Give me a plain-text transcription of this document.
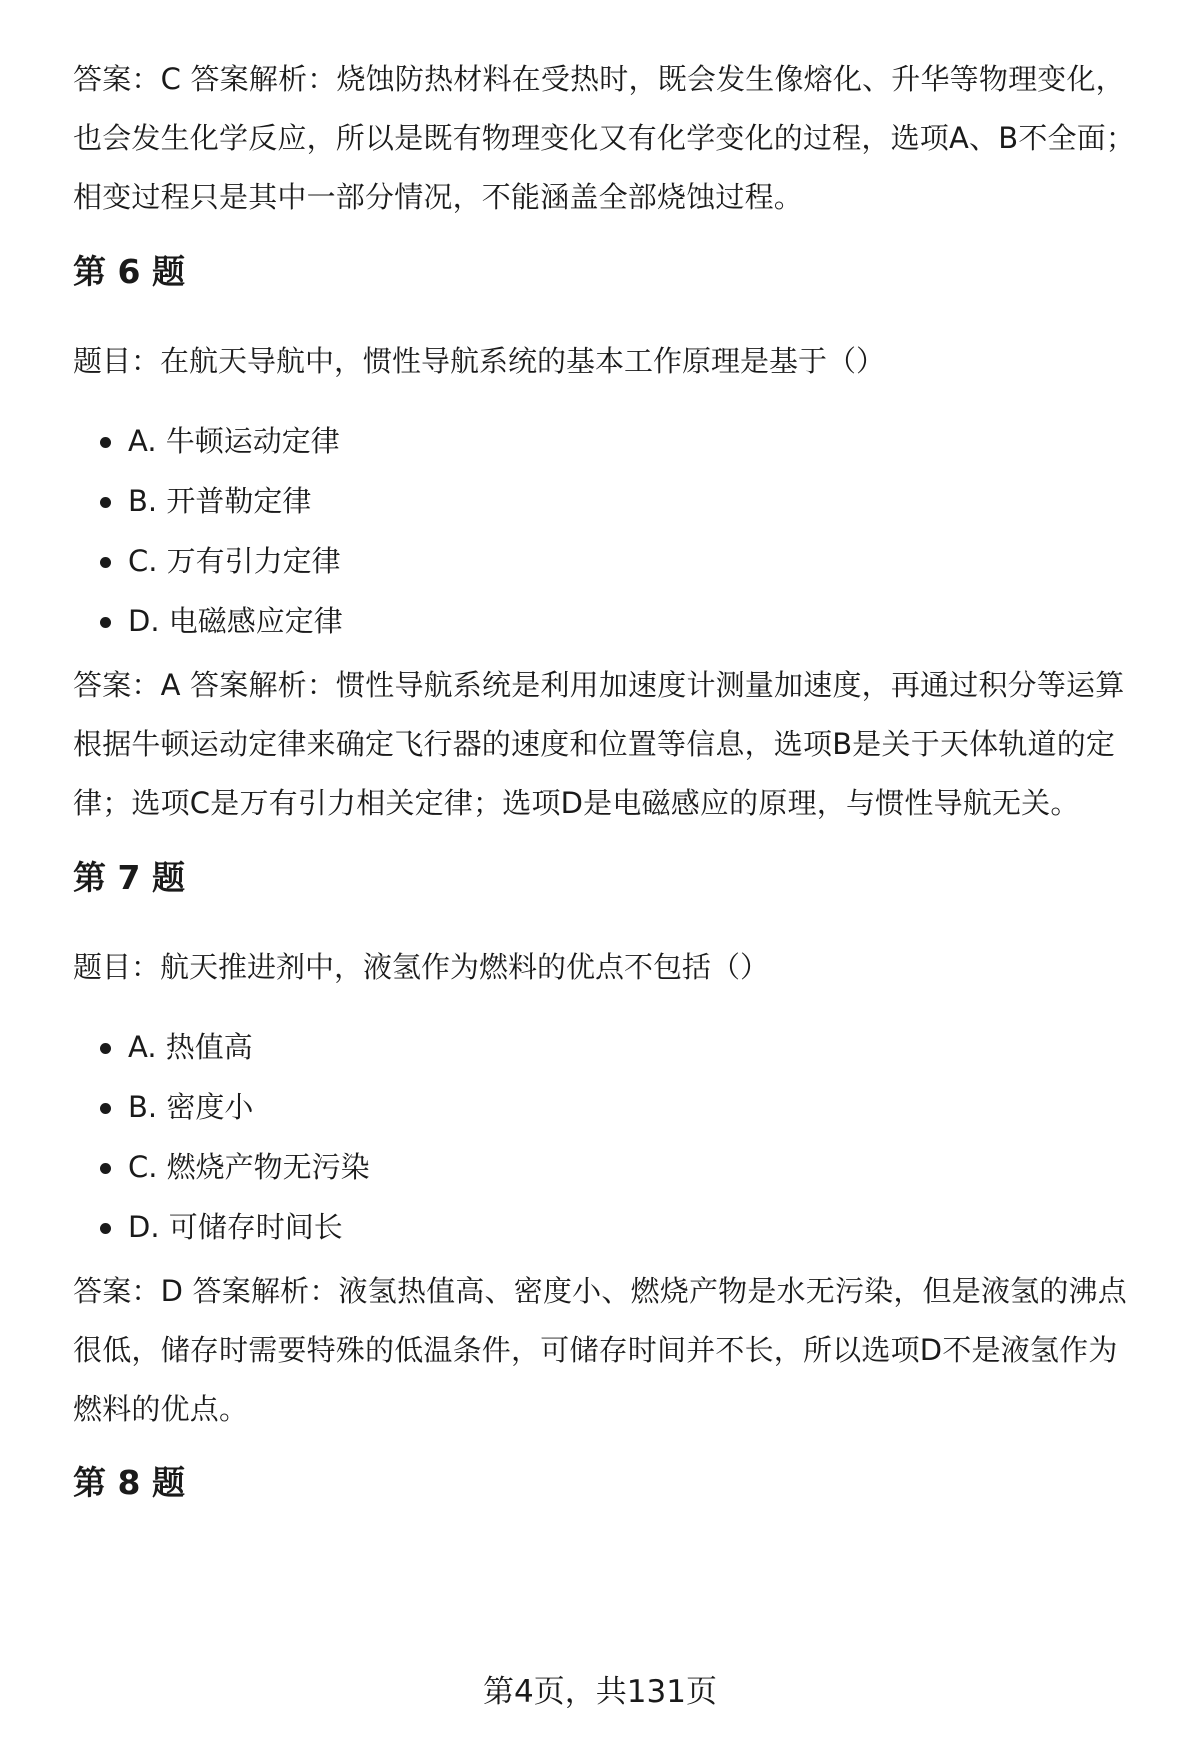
答案：C 答案解析：烧蚀防热材料在受热时，既会发生像熔化、升华等物理变化，

也会发生化学反应，所以是既有物理变化又有化学变化的过程，选项A、B不全面；

相变过程只是其中一部分情况，不能涵盖全部烧蚀过程。

第 6 题

题目：在航天导航中，惯性导航系统的基本工作原理是基于（）

A. 牛顿运动定律
B. 开普勒定律
C. 万有引力定律
D. 电磁感应定律

答案：A 答案解析：惯性导航系统是利用加速度计测量加速度，再通过积分等运算

根据牛顿运动定律来确定飞行器的速度和位置等信息，选项B是关于天体轨道的定

律；选项C是万有引力相关定律；选项D是电磁感应的原理，与惯性导航无关。

第 7 题

题目：航天推进剂中，液氢作为燃料的优点不包括（）

A. 热值高
B. 密度小
C. 燃烧产物无污染
D. 可储存时间长

答案：D 答案解析：液氢热值高、密度小、燃烧产物是水无污染，但是液氢的沸点

很低，储存时需要特殊的低温条件，可储存时间并不长，所以选项D不是液氢作为

燃料的优点。

第 8 题
第4页，共131页
